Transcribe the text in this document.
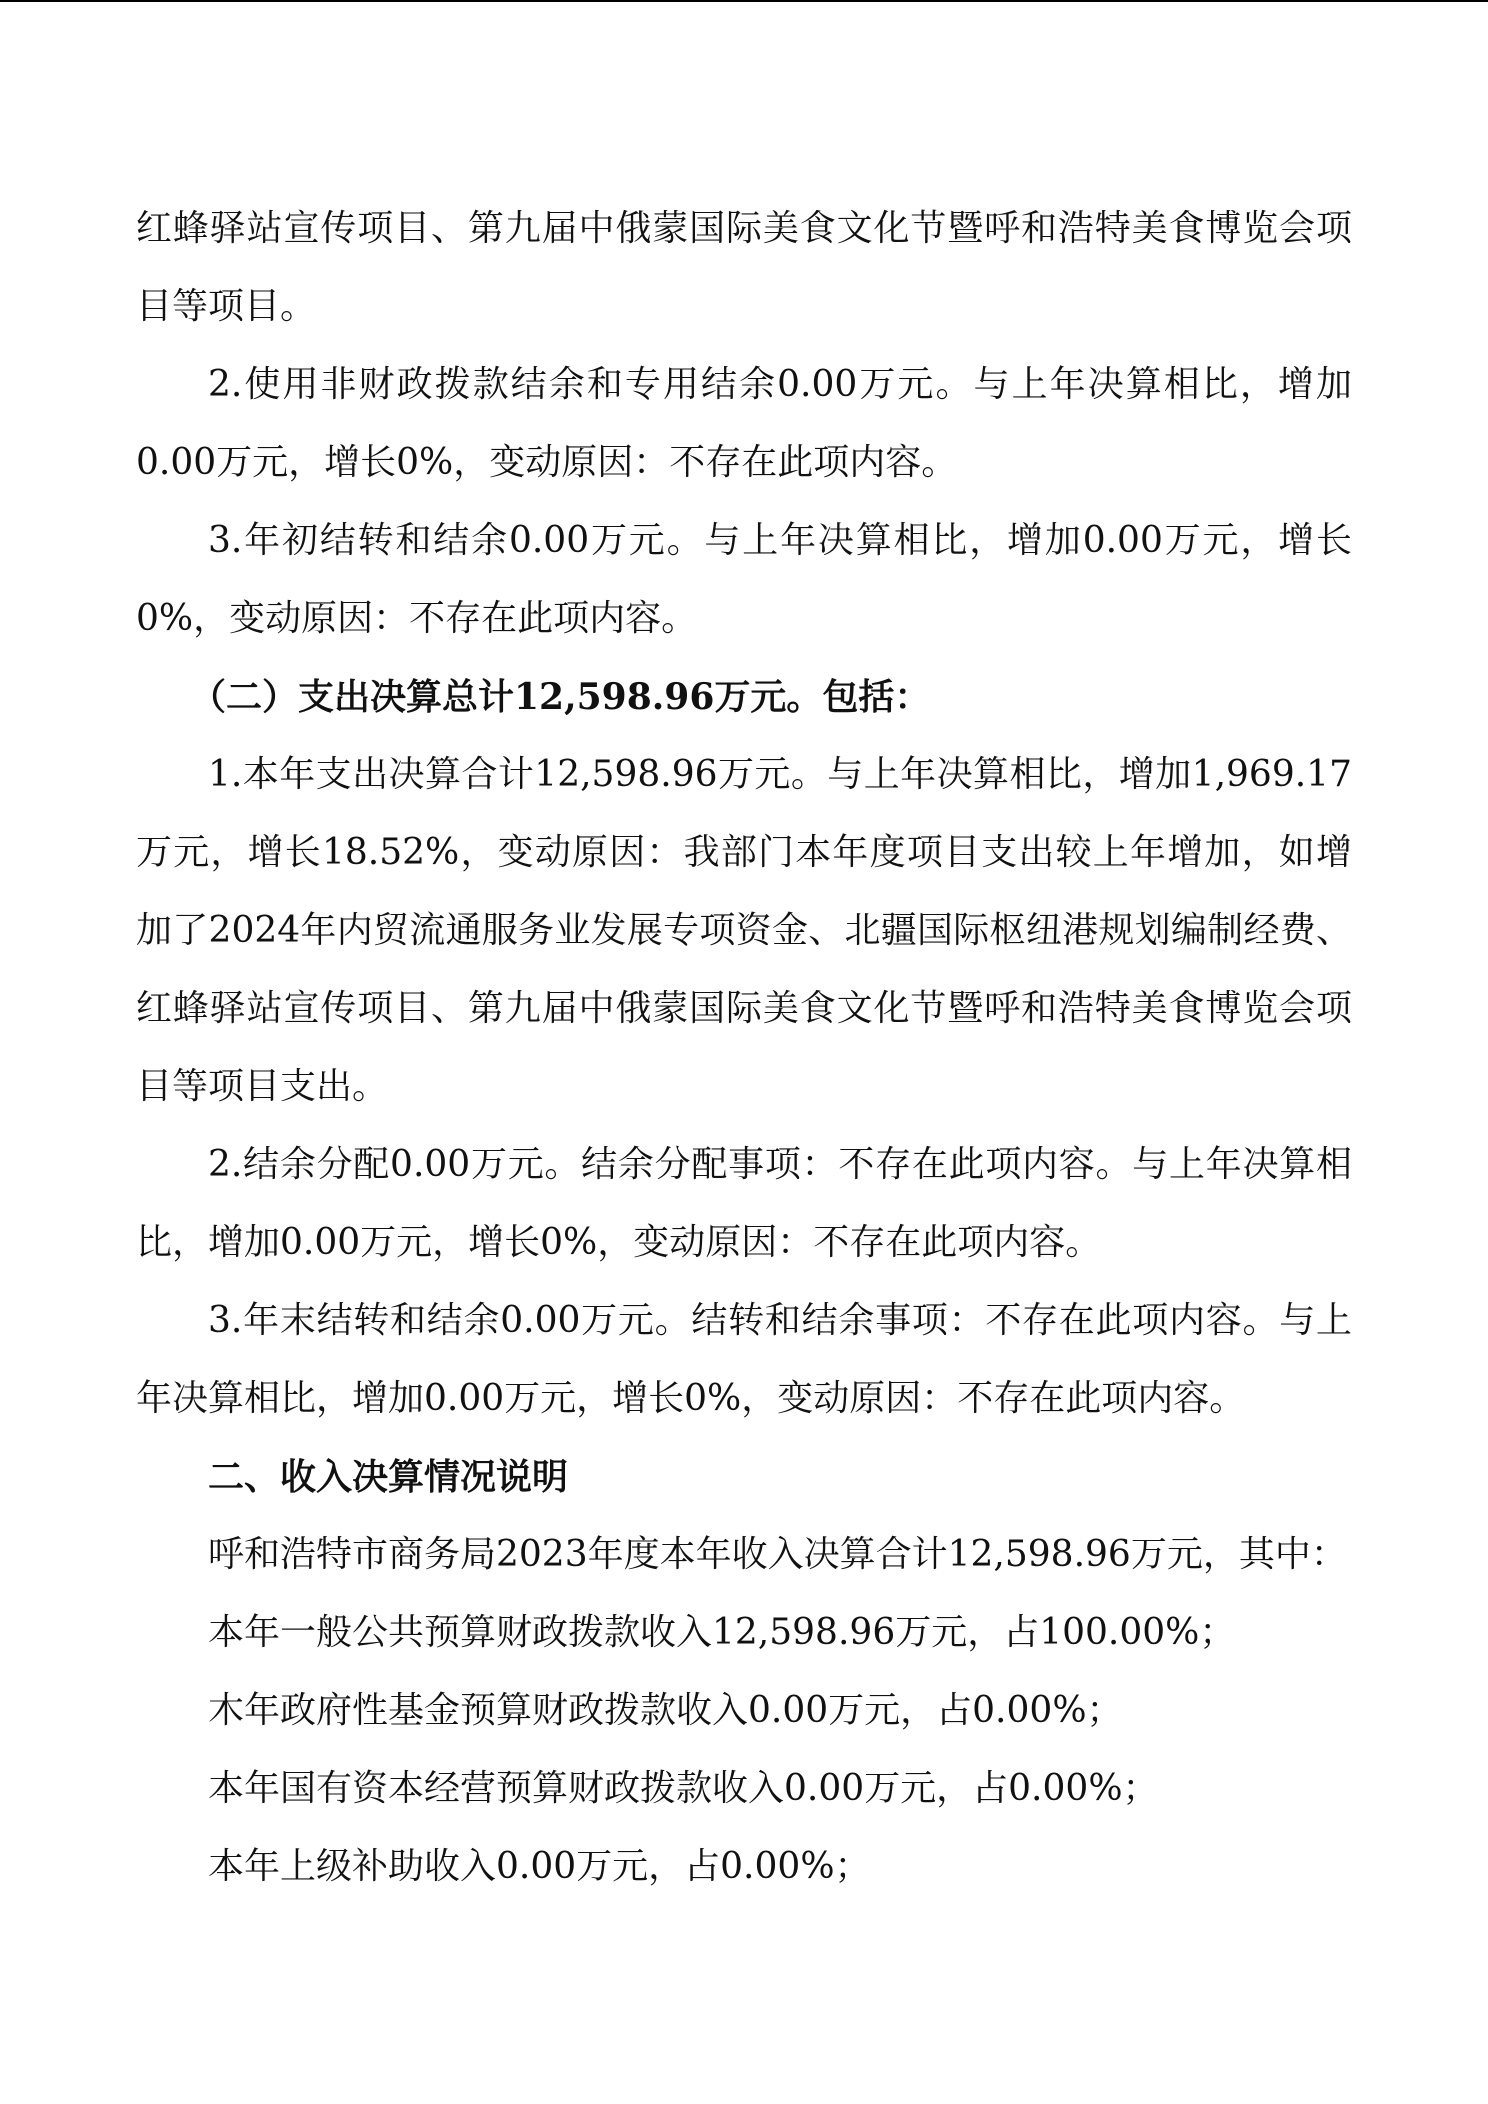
红蜂驿站宣传项目、第九届中俄蒙国际美食文化节暨呼和浩特美食博览会项目等项目。

2.使用非财政拨款结余和专用结余0.00万元。与上年决算相比，增加0.00万元，增长0%，变动原因：不存在此项内容。

3.年初结转和结余0.00万元。与上年决算相比，增加0.00万元，增长0%，变动原因：不存在此项内容。

（二）支出决算总计12,598.96万元。包括：

1.本年支出决算合计12,598.96万元。与上年决算相比，增加1,969.17万元，增长18.52%，变动原因：我部门本年度项目支出较上年增加，如增加了2024年内贸流通服务业发展专项资金、北疆国际枢纽港规划编制经费、红蜂驿站宣传项目、第九届中俄蒙国际美食文化节暨呼和浩特美食博览会项目等项目支出。

2.结余分配0.00万元。结余分配事项：不存在此项内容。与上年决算相比，增加0.00万元，增长0%，变动原因：不存在此项内容。

3.年末结转和结余0.00万元。结转和结余事项：不存在此项内容。与上年决算相比，增加0.00万元，增长0%，变动原因：不存在此项内容。

二、收入决算情况说明

呼和浩特市商务局2023年度本年收入决算合计12,598.96万元，其中：

本年一般公共预算财政拨款收入12,598.96万元，占100.00%；

木年政府性基金预算财政拨款收入0.00万元，占0.00%；

本年国有资本经营预算财政拨款收入0.00万元，占0.00%；

本年上级补助收入0.00万元，占0.00%；
